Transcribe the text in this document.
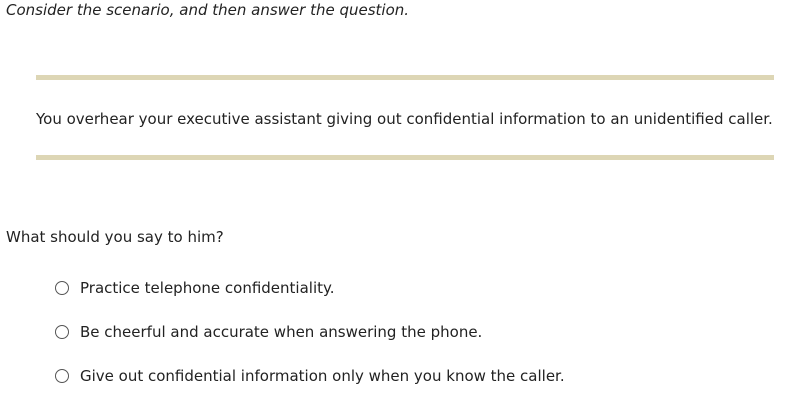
Consider the scenario, and then answer the question.
You overhear your executive assistant giving out confidential information to an unidentified caller.
What should you say to him?
Practice telephone confidentiality.
Be cheerful and accurate when answering the phone.
Give out confidential information only when you know the caller.
